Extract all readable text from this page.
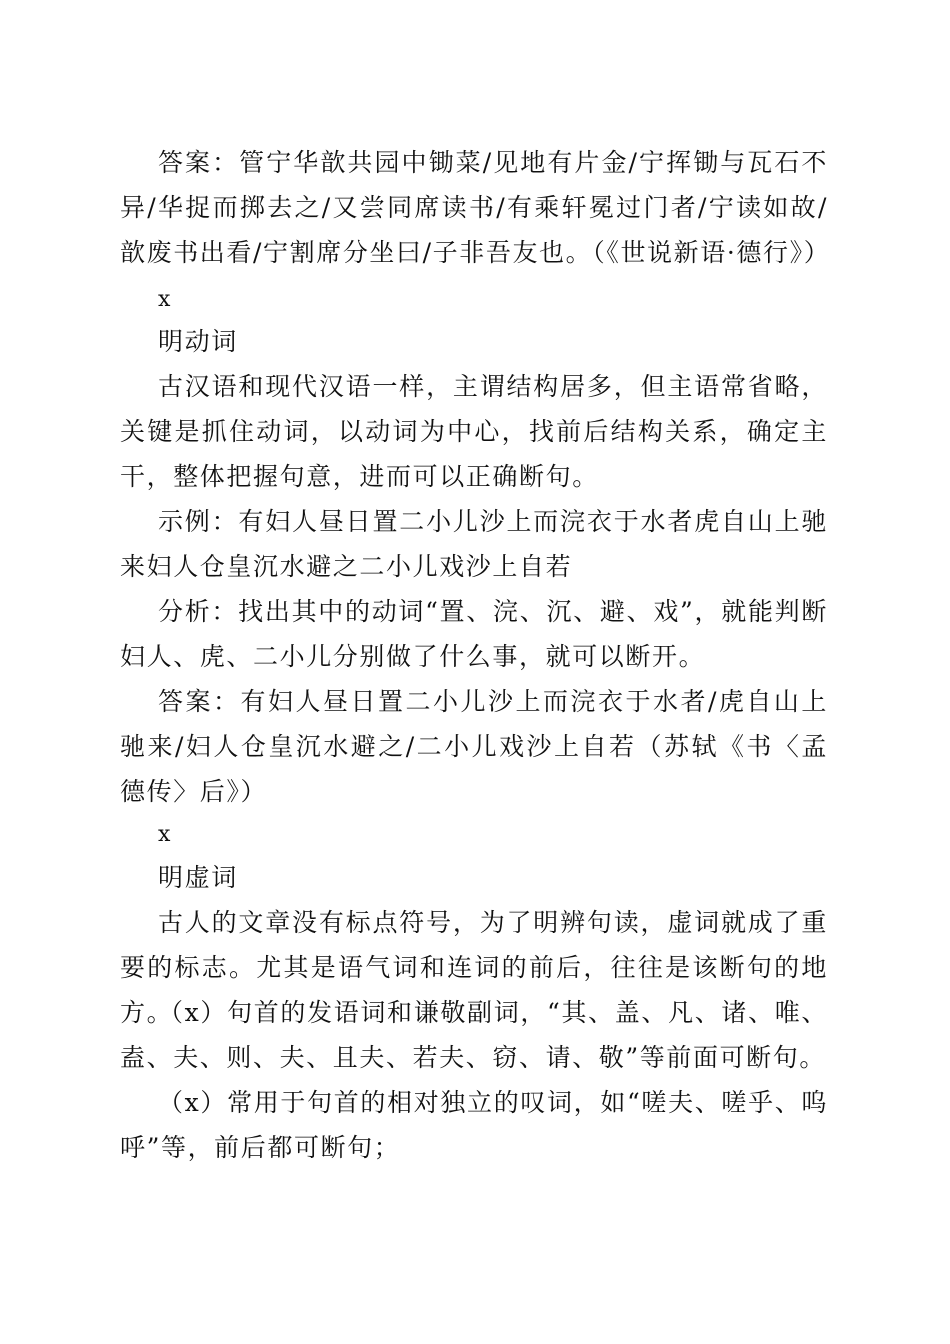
答案：管宁华歆共园中锄菜/见地有片金/宁挥锄与瓦石不异/华捉而掷去之/又尝同席读书/有乘轩冕过门者/宁读如故/歆废书出看/宁割席分坐曰/子非吾友也。（《世说新语·德行》）

x

明动词

古汉语和现代汉语一样，主谓结构居多，但主语常省略，关键是抓住动词，以动词为中心，找前后结构关系，确定主干，整体把握句意，进而可以正确断句。

示例：有妇人昼日置二小儿沙上而浣衣于水者虎自山上驰来妇人仓皇沉水避之二小儿戏沙上自若

分析：找出其中的动词“置、浣、沉、避、戏”，就能判断妇人、虎、二小儿分别做了什么事，就可以断开。

答案：有妇人昼日置二小儿沙上而浣衣于水者/虎自山上驰来/妇人仓皇沉水避之/二小儿戏沙上自若（苏轼《书〈孟德传〉后》）

x

明虚词

古人的文章没有标点符号，为了明辨句读，虚词就成了重要的标志。尤其是语气词和连词的前后，往往是该断句的地方。

（x）句首的发语词和谦敬副词，“其、盖、凡、诸、唯、盍、夫、则、夫、且夫、若夫、窃、请、敬”等前面可断句。

（x）常用于句首的相对独立的叹词，如“嗟夫、嗟乎、呜呼”等，前后都可断句；
